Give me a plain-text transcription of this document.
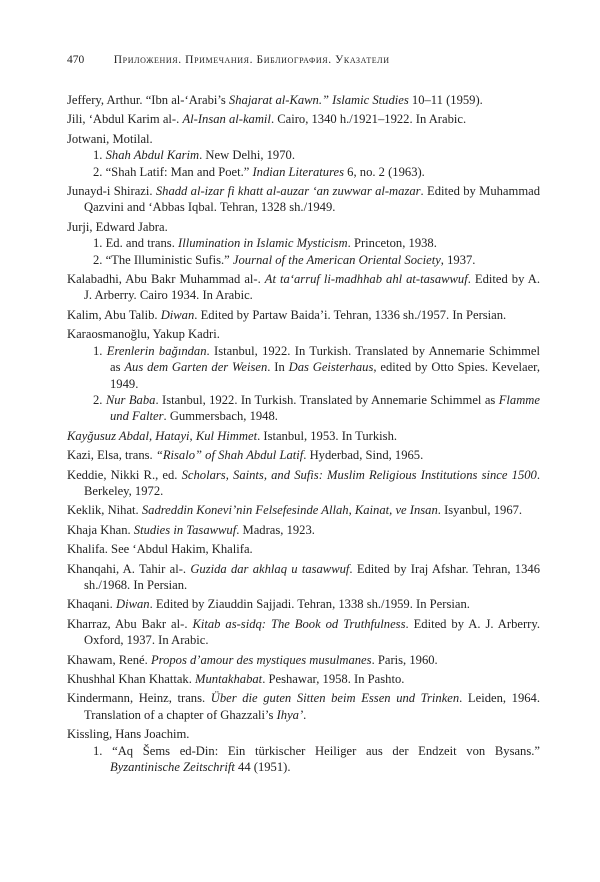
470	Приложения. Примечания. Библиография. Указатели
Jeffery, Arthur. “Ibn al-‘Arabi’s Shajarat al-Kawn.” Islamic Studies 10–11 (1959).
Jili, ‘Abdul Karim al-. Al-Insan al-kamil. Cairo, 1340 h./1921–1922. In Arabic.
Jotwani, Motilal.
1. Shah Abdul Karim. New Delhi, 1970.
2. “Shah Latif: Man and Poet.” Indian Literatures 6, no. 2 (1963).
Junayd-i Shirazi. Shadd al-izar fi khatt al-auzar ‘an zuwwar al-mazar. Edited by Muhammad Qazvini and ‘Abbas Iqbal. Tehran, 1328 sh./1949.
Jurji, Edward Jabra.
1. Ed. and trans. Illumination in Islamic Mysticism. Princeton, 1938.
2. “The Illuministic Sufis.” Journal of the American Oriental Society, 1937.
Kalabadhi, Abu Bakr Muhammad al-. At ta‘arruf li-madhhab ahl at-tasawwuf. Edited by A. J. Arberry. Cairo 1934. In Arabic.
Kalim, Abu Talib. Diwan. Edited by Partaw Baida’i. Tehran, 1336 sh./1957. In Persian.
Karaosmanoğlu, Yakup Kadri.
1. Erenlerin bağından. Istanbul, 1922. In Turkish. Translated by Annemarie Schimmel as Aus dem Garten der Weisen. In Das Geisterhaus, edited by Otto Spies. Kevelaer, 1949.
2. Nur Baba. Istanbul, 1922. In Turkish. Translated by Annemarie Schimmel as Flamme und Falter. Gummersbach, 1948.
Kayğusuz Abdal, Hatayi, Kul Himmet. Istanbul, 1953. In Turkish.
Kazi, Elsa, trans. “Risalo” of Shah Abdul Latif. Hyderbad, Sind, 1965.
Keddie, Nikki R., ed. Scholars, Saints, and Sufis: Muslim Religious Institutions since 1500. Berkeley, 1972.
Keklik, Nihat. Sadreddin Konevi’nin Felsefesinde Allah, Kainat, ve Insan. Isyanbul, 1967.
Khaja Khan. Studies in Tasawwuf. Madras, 1923.
Khalifa. See ‘Abdul Hakim, Khalifa.
Khanqahi, A. Tahir al-. Guzida dar akhlaq u tasawwuf. Edited by Iraj Afshar. Tehran, 1346 sh./1968. In Persian.
Khaqani. Diwan. Edited by Ziauddin Sajjadi. Tehran, 1338 sh./1959. In Persian.
Kharraz, Abu Bakr al-. Kitab as-sidq: The Book od Truthfulness. Edited by A. J. Arberry. Oxford, 1937. In Arabic.
Khawam, René. Propos d’amour des mystiques musulmanes. Paris, 1960.
Khushhal Khan Khattak. Muntakhabat. Peshawar, 1958. In Pashto.
Kindermann, Heinz, trans. Über die guten Sitten beim Essen und Trinken. Leiden, 1964. Translation of a chapter of Ghazzali’s Ihya’.
Kissling, Hans Joachim.
1. “Aq Šems ed-Din: Ein türkischer Heiliger aus der Endzeit von Bysans.” Byzantinische Zeitschrift 44 (1951).
